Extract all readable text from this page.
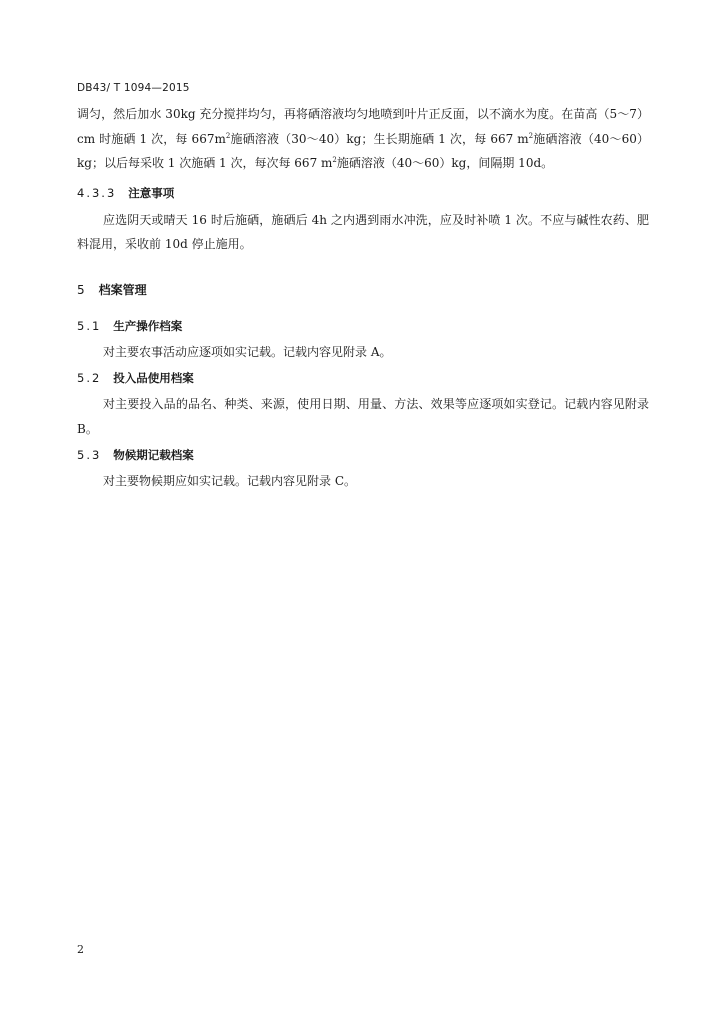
DB43/ T 1094—2015

调匀，然后加水 30kg 充分搅拌均匀，再将硒溶液均匀地喷到叶片正反面，以不滴水为度。在苗高（5～7）cm 时施硒 1 次，每 $667m^2$施硒溶液（30～40）kg；生长期施硒 1 次，每 667 $m^2$施硒溶液（40～60）kg；以后每采收 1 次施硒 1 次，每次每 667 $m^2$施硒溶液（40～60）kg，间隔期 10d。

4.3.3 注意事项

应选阴天或晴天 16 时后施硒，施硒后 4h 之内遇到雨水冲洗，应及时补喷 1 次。不应与碱性农药、肥料混用，采收前 10d 停止施用。

5 档案管理
5.1 生产操作档案

对主要农事活动应逐项如实记载。记载内容见附录 A。

5.2 投入品使用档案

对主要投入品的品名、种类、来源，使用日期、用量、方法、效果等应逐项如实登记。记载内容见附录 B。

5.3 物候期记载档案

对主要物候期应如实记载。记载内容见附录 C。

2
